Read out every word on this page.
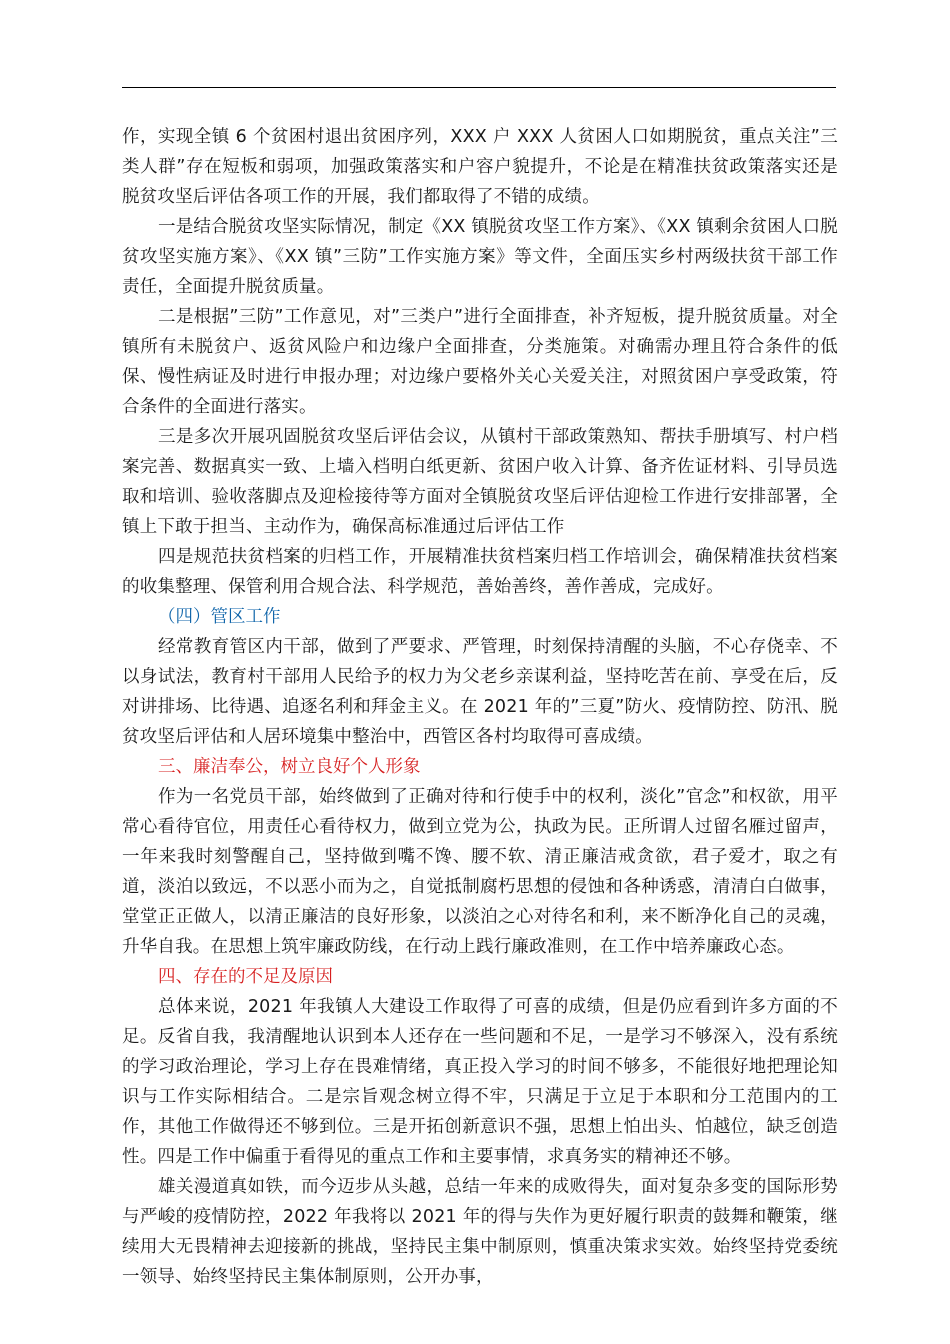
作，实现全镇 6 个贫困村退出贫困序列，XXX 户 XXX 人贫困人口如期脱贫，重点关注”三类人群”存在短板和弱项，加强政策落实和户容户貌提升，不论是在精准扶贫政策落实还是脱贫攻坚后评估各项工作的开展，我们都取得了不错的成绩。

一是结合脱贫攻坚实际情况，制定《XX 镇脱贫攻坚工作方案》、《XX 镇剩余贫困人口脱贫攻坚实施方案》、《XX 镇”三防”工作实施方案》等文件，全面压实乡村两级扶贫干部工作责任，全面提升脱贫质量。

二是根据”三防”工作意见，对”三类户”进行全面排查，补齐短板，提升脱贫质量。对全镇所有未脱贫户、返贫风险户和边缘户全面排查，分类施策。对确需办理且符合条件的低保、慢性病证及时进行申报办理；对边缘户要格外关心关爱关注，对照贫困户享受政策，符合条件的全面进行落实。

三是多次开展巩固脱贫攻坚后评估会议，从镇村干部政策熟知、帮扶手册填写、村户档案完善、数据真实一致、上墙入档明白纸更新、贫困户收入计算、备齐佐证材料、引导员选取和培训、验收落脚点及迎检接待等方面对全镇脱贫攻坚后评估迎检工作进行安排部署，全镇上下敢于担当、主动作为，确保高标准通过后评估工作

四是规范扶贫档案的归档工作，开展精准扶贫档案归档工作培训会，确保精准扶贫档案的收集整理、保管利用合规合法、科学规范，善始善终，善作善成，完成好。

（四）管区工作

经常教育管区内干部，做到了严要求、严管理，时刻保持清醒的头脑，不心存侥幸、不以身试法，教育村干部用人民给予的权力为父老乡亲谋利益，坚持吃苦在前、享受在后，反对讲排场、比待遇、追逐名利和拜金主义。在 2021 年的”三夏”防火、疫情防控、防汛、脱贫攻坚后评估和人居环境集中整治中，西管区各村均取得可喜成绩。

三、廉洁奉公，树立良好个人形象

作为一名党员干部，始终做到了正确对待和行使手中的权利，淡化”官念”和权欲，用平常心看待官位，用责任心看待权力，做到立党为公，执政为民。正所谓人过留名雁过留声，一年来我时刻警醒自己，坚持做到嘴不馋、腰不软、清正廉洁戒贪欲，君子爱才，取之有道，淡泊以致远，不以恶小而为之，自觉抵制腐朽思想的侵蚀和各种诱惑，清清白白做事，堂堂正正做人，以清正廉洁的良好形象，以淡泊之心对待名和利，来不断净化自己的灵魂，升华自我。在思想上筑牢廉政防线，在行动上践行廉政准则，在工作中培养廉政心态。

四、存在的不足及原因

总体来说，2021 年我镇人大建设工作取得了可喜的成绩，但是仍应看到许多方面的不足。反省自我，我清醒地认识到本人还存在一些问题和不足，一是学习不够深入，没有系统的学习政治理论，学习上存在畏难情绪，真正投入学习的时间不够多，不能很好地把理论知识与工作实际相结合。二是宗旨观念树立得不牢，只满足于立足于本职和分工范围内的工作，其他工作做得还不够到位。三是开拓创新意识不强，思想上怕出头、怕越位，缺乏创造性。四是工作中偏重于看得见的重点工作和主要事情，求真务实的精神还不够。

雄关漫道真如铁，而今迈步从头越，总结一年来的成败得失，面对复杂多变的国际形势与严峻的疫情防控，2022 年我将以 2021 年的得与失作为更好履行职责的鼓舞和鞭策，继续用大无畏精神去迎接新的挑战，坚持民主集中制原则，慎重决策求实效。始终坚持党委统一领导、始终坚持民主集体制原则，公开办事，
